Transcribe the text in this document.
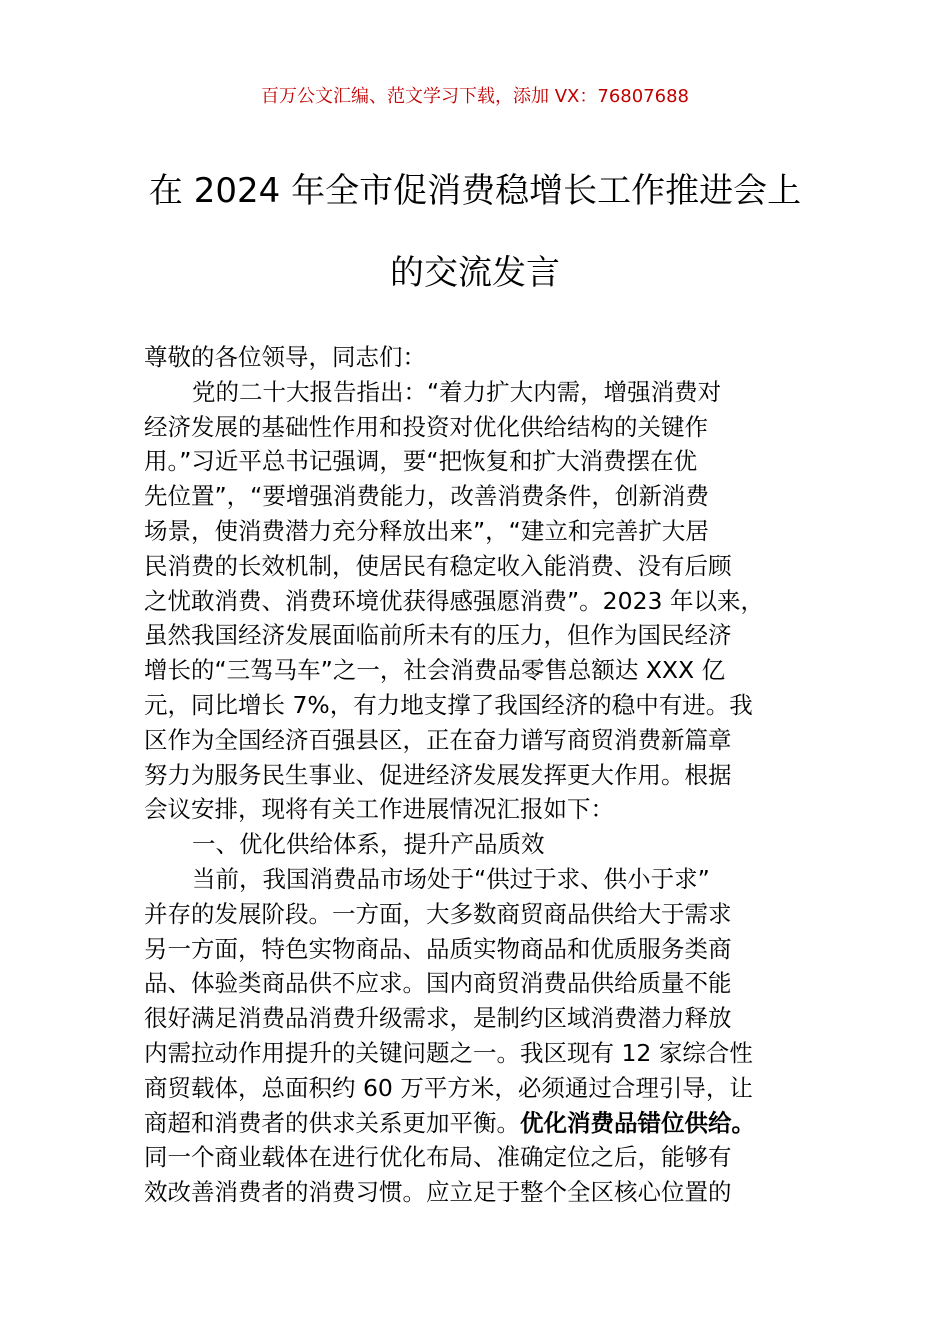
百万公文汇编、范文学习下载，添加 VX：76807688
在 2024 年全市促消费稳增长工作推进会上
的交流发言
尊敬的各位领导，同志们：
党的二十大报告指出：“着力扩大内需，增强消费对
经济发展的基础性作用和投资对优化供给结构的关键作
用。”习近平总书记强调，要“把恢复和扩大消费摆在优
先位置”，“要增强消费能力，改善消费条件，创新消费
场景，使消费潜力充分释放出来”，“建立和完善扩大居
民消费的长效机制，使居民有稳定收入能消费、没有后顾
之忧敢消费、消费环境优获得感强愿消费”。2023 年以来，
虽然我国经济发展面临前所未有的压力，但作为国民经济
增长的“三驾马车”之一，社会消费品零售总额达 XXX 亿
元，同比增长 7%，有力地支撑了我国经济的稳中有进。我
区作为全国经济百强县区，正在奋力谱写商贸消费新篇章
努力为服务民生事业、促进经济发展发挥更大作用。根据
会议安排，现将有关工作进展情况汇报如下：
一、优化供给体系，提升产品质效
当前，我国消费品市场处于“供过于求、供小于求”
并存的发展阶段。一方面，大多数商贸商品供给大于需求
另一方面，特色实物商品、品质实物商品和优质服务类商
品、体验类商品供不应求。国内商贸消费品供给质量不能
很好满足消费品消费升级需求，是制约区域消费潜力释放
内需拉动作用提升的关键问题之一。我区现有 12 家综合性
商贸载体，总面积约 60 万平方米，必须通过合理引导，让
商超和消费者的供求关系更加平衡。优化消费品错位供给。
同一个商业载体在进行优化布局、准确定位之后，能够有
效改善消费者的消费习惯。应立足于整个全区核心位置的
